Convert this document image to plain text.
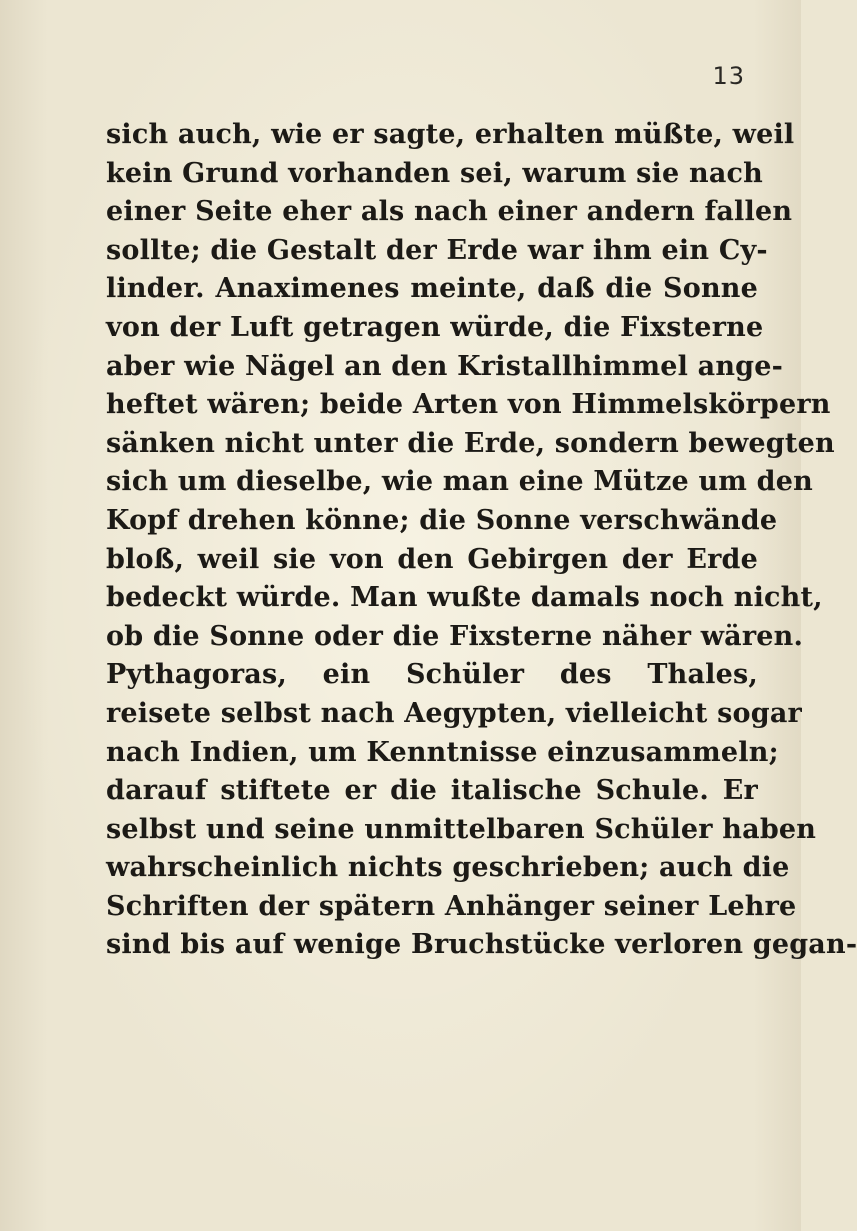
13
sich auch, wie er sagte, erhalten müßte, weil
kein Grund vorhanden sei, warum sie nach
einer Seite eher als nach einer andern fallen
sollte; die Gestalt der Erde war ihm ein Cy-
linder. Anaximenes meinte, daß die Sonne
von der Luft getragen würde, die Fixsterne
aber wie Nägel an den Kristallhimmel ange-
heftet wären; beide Arten von Himmelskörpern
sänken nicht unter die Erde, sondern bewegten
sich um dieselbe, wie man eine Mütze um den
Kopf drehen könne; die Sonne verschwände
bloß, weil sie von den Gebirgen der Erde
bedeckt würde. Man wußte damals noch nicht,
ob die Sonne oder die Fixsterne näher wären.
Pythagoras, ein Schüler des Thales,
reisete selbst nach Aegypten, vielleicht sogar
nach Indien, um Kenntnisse einzusammeln;
darauf stiftete er die italische Schule. Er
selbst und seine unmittelbaren Schüler haben
wahrscheinlich nichts geschrieben; auch die
Schriften der spätern Anhänger seiner Lehre
sind bis auf wenige Bruchstücke verloren gegan-
